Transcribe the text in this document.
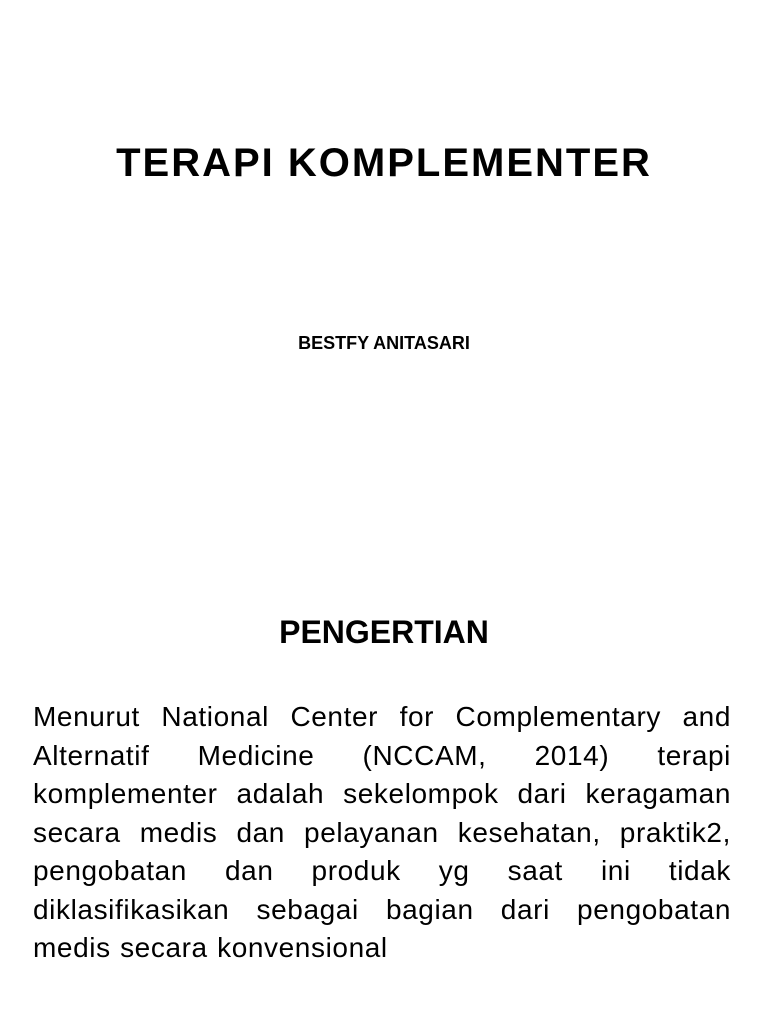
TERAPI KOMPLEMENTER
BESTFY ANITASARI
PENGERTIAN
Menurut National Center for Complementary and Alternatif Medicine (NCCAM, 2014) terapi komplementer adalah sekelompok dari keragaman secara medis dan pelayanan kesehatan, praktik2, pengobatan dan produk yg saat ini tidak diklasifikasikan sebagai bagian dari pengobatan medis secara konvensional
